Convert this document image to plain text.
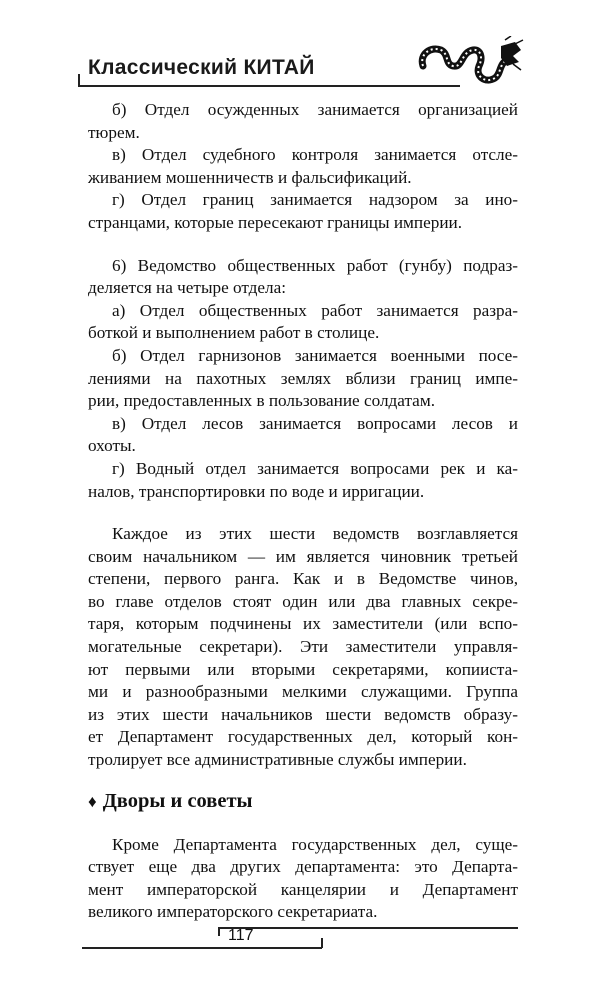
Классический КИТАЙ
б) Отдел осужденных занимается организацией
тюрем.
в) Отдел судебного контроля занимается отсле-
живанием мошенничеств и фальсификаций.
г) Отдел границ занимается надзором за ино-
странцами, которые пересекают границы империи.
6) Ведомство общественных работ (гунбу) подраз-
деляется на четыре отдела:
а) Отдел общественных работ занимается разра-
боткой и выполнением работ в столице.
б) Отдел гарнизонов занимается военными посе-
лениями на пахотных землях вблизи границ импе-
рии, предоставленных в пользование солдатам.
в) Отдел лесов занимается вопросами лесов и
охоты.
г) Водный отдел занимается вопросами рек и ка-
налов, транспортировки по воде и ирригации.
Каждое из этих шести ведомств возглавляется
своим начальником — им является чиновник третьей
степени, первого ранга. Как и в Ведомстве чинов,
во главе отделов стоят один или два главных секре-
таря, которым подчинены их заместители (или вспо-
могательные секретари). Эти заместители управля-
ют первыми или вторыми секретарями, копииста-
ми и разнообразными мелкими служащими. Группа
из этих шести начальников шести ведомств образу-
ет Департамент государственных дел, который кон-
тролирует все административные службы империи.
♦ Дворы и советы
Кроме Департамента государственных дел, суще-
ствует еще два других департамента: это Департа-
мент императорской канцелярии и Департамент
великого императорского секретариата.
117
